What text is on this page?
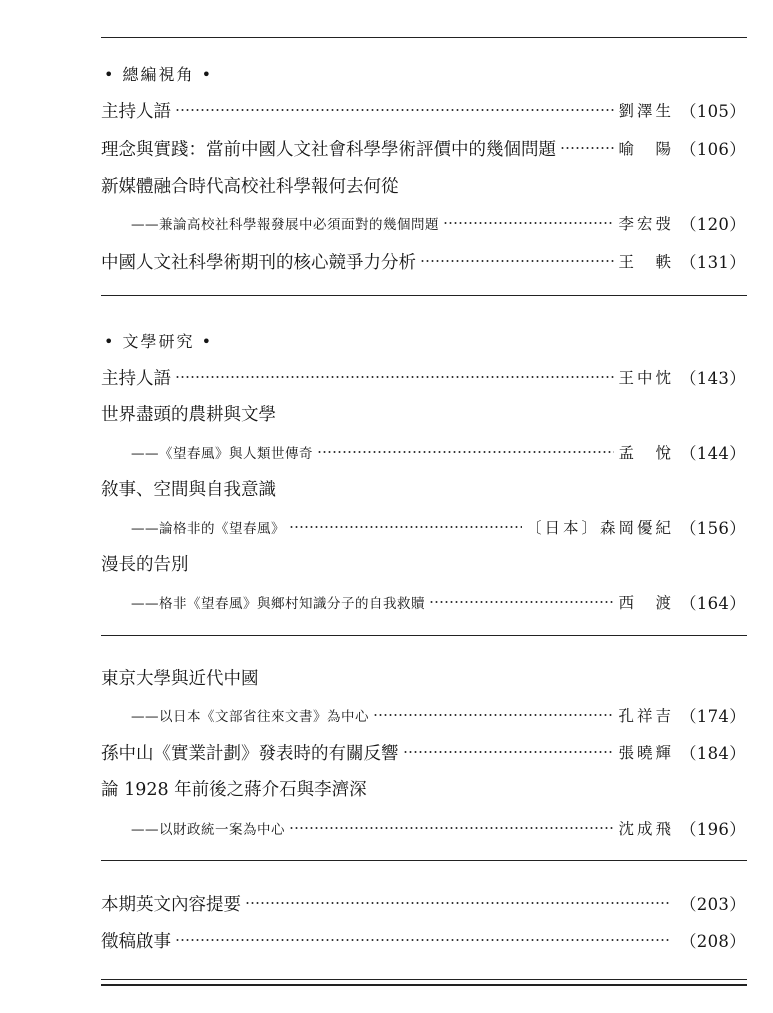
• 總編視角 •
主持人語	劉澤生 （105）
理念與實踐：當前中國人文社會科學學術評價中的幾個問題	喻　陽 （106）
新媒體融合時代高校社科學報何去何從
——兼論高校社科學報發展中必須面對的幾個問題	李宏弢 （120）
中國人文社科學術期刊的核心競爭力分析	王　軼 （131）
• 文學研究 •
主持人語	王中忱 （143）
世界盡頭的農耕與文學
——《望春風》與人類世傳奇	孟　悅 （144）
敘事、空間與自我意識
——論格非的《望春風》	〔日本〕森岡優紀 （156）
漫長的告別
——格非《望春風》與鄉村知識分子的自我救贖	西　渡 （164）
東京大學與近代中國
——以日本《文部省往來文書》為中心	孔祥吉 （174）
孫中山《實業計劃》發表時的有關反響	張曉輝 （184）
論 1928 年前後之蔣介石與李濟深
——以財政統一案為中心	沈成飛 （196）
本期英文內容提要	（203）
徵稿啟事	（208）
